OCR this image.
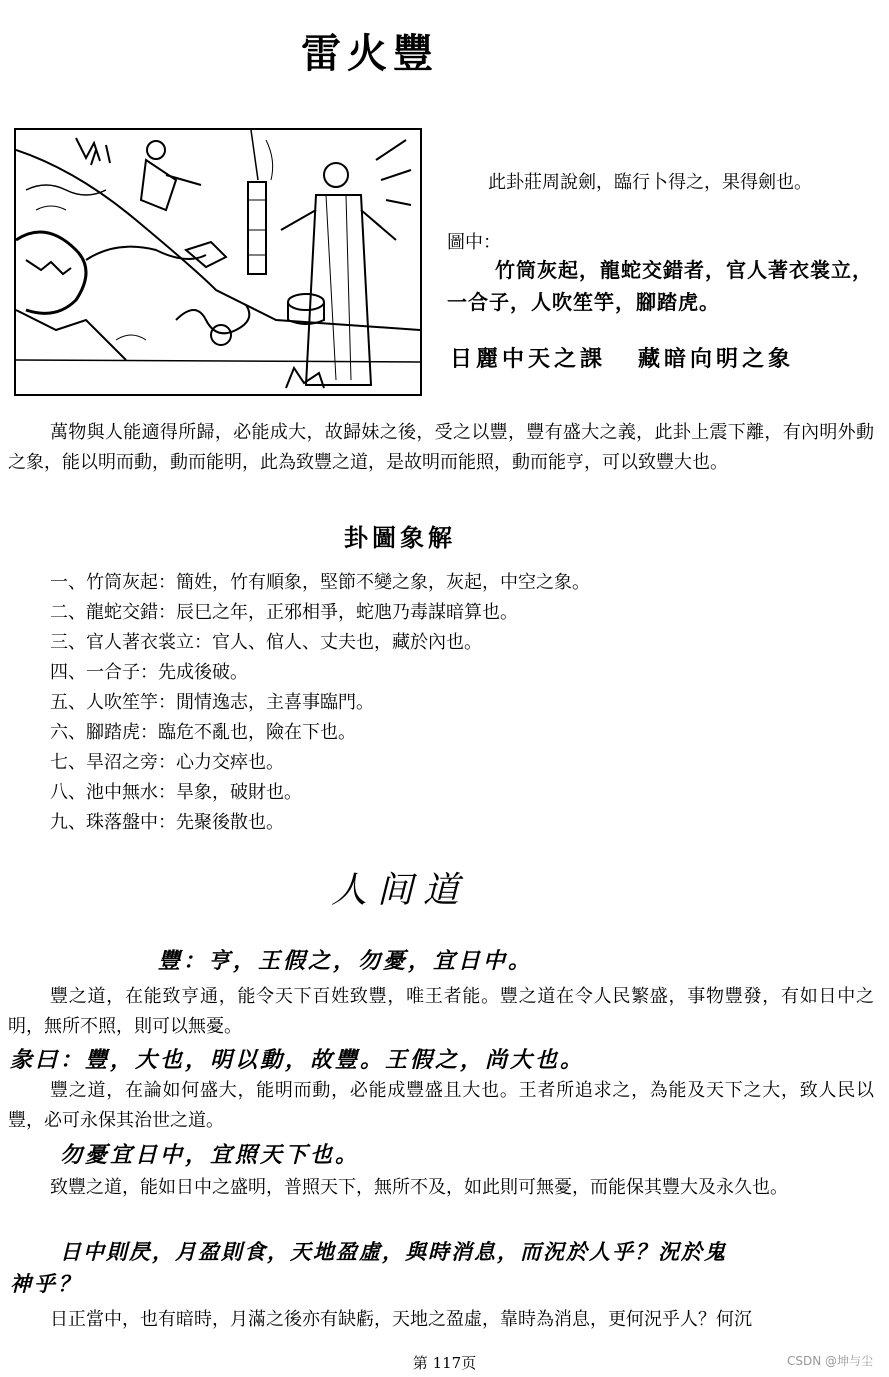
雷火豐
此卦莊周說劍，臨行卜得之，果得劍也。
圖中：
竹筒灰起，龍蛇交錯者，官人著衣裳立，一合子，人吹笙竽，腳踏虎。
日麗中天之課 藏暗向明之象
萬物與人能適得所歸，必能成大，故歸妹之後，受之以豐，豐有盛大之義，此卦上震下離，有內明外動之象，能以明而動，動而能明，此為致豐之道，是故明而能照，動而能亨，可以致豐大也。
卦圖象解
一、竹筒灰起：簡姓，竹有順象，堅節不變之象，灰起，中空之象。
二、龍蛇交錯：辰巳之年，正邪相爭，蛇虺乃毒謀暗算也。
三、官人著衣裳立：官人、倌人、丈夫也，藏於內也。
四、一合子：先成後破。
五、人吹笙竽：閒情逸志，主喜事臨門。
六、腳踏虎：臨危不亂也，險在下也。
七、旱沼之旁：心力交瘁也。
八、池中無水：旱象，破財也。
九、珠落盤中：先聚後散也。
人间道
豐：亨，王假之，勿憂，宜日中。
豐之道，在能致亨通，能令天下百姓致豐，唯王者能。豐之道在令人民繁盛，事物豐發，有如日中之明，無所不照，則可以無憂。
彖曰：豐，大也，明以動，故豐。王假之，尚大也。
豐之道，在論如何盛大，能明而動，必能成豐盛且大也。王者所追求之，為能及天下之大，致人民以豐，必可永保其治世之道。
勿憂宜日中，宜照天下也。
致豐之道，能如日中之盛明，普照天下，無所不及，如此則可無憂，而能保其豐大及永久也。
日中則昃，月盈則食，天地盈虛，與時消息，而況於人乎？況於鬼
神乎？
日正當中，也有暗時，月滿之後亦有缺虧，天地之盈虛，靠時為消息，更何況乎人？何沉
第 117页	CSDN @坤与尘
